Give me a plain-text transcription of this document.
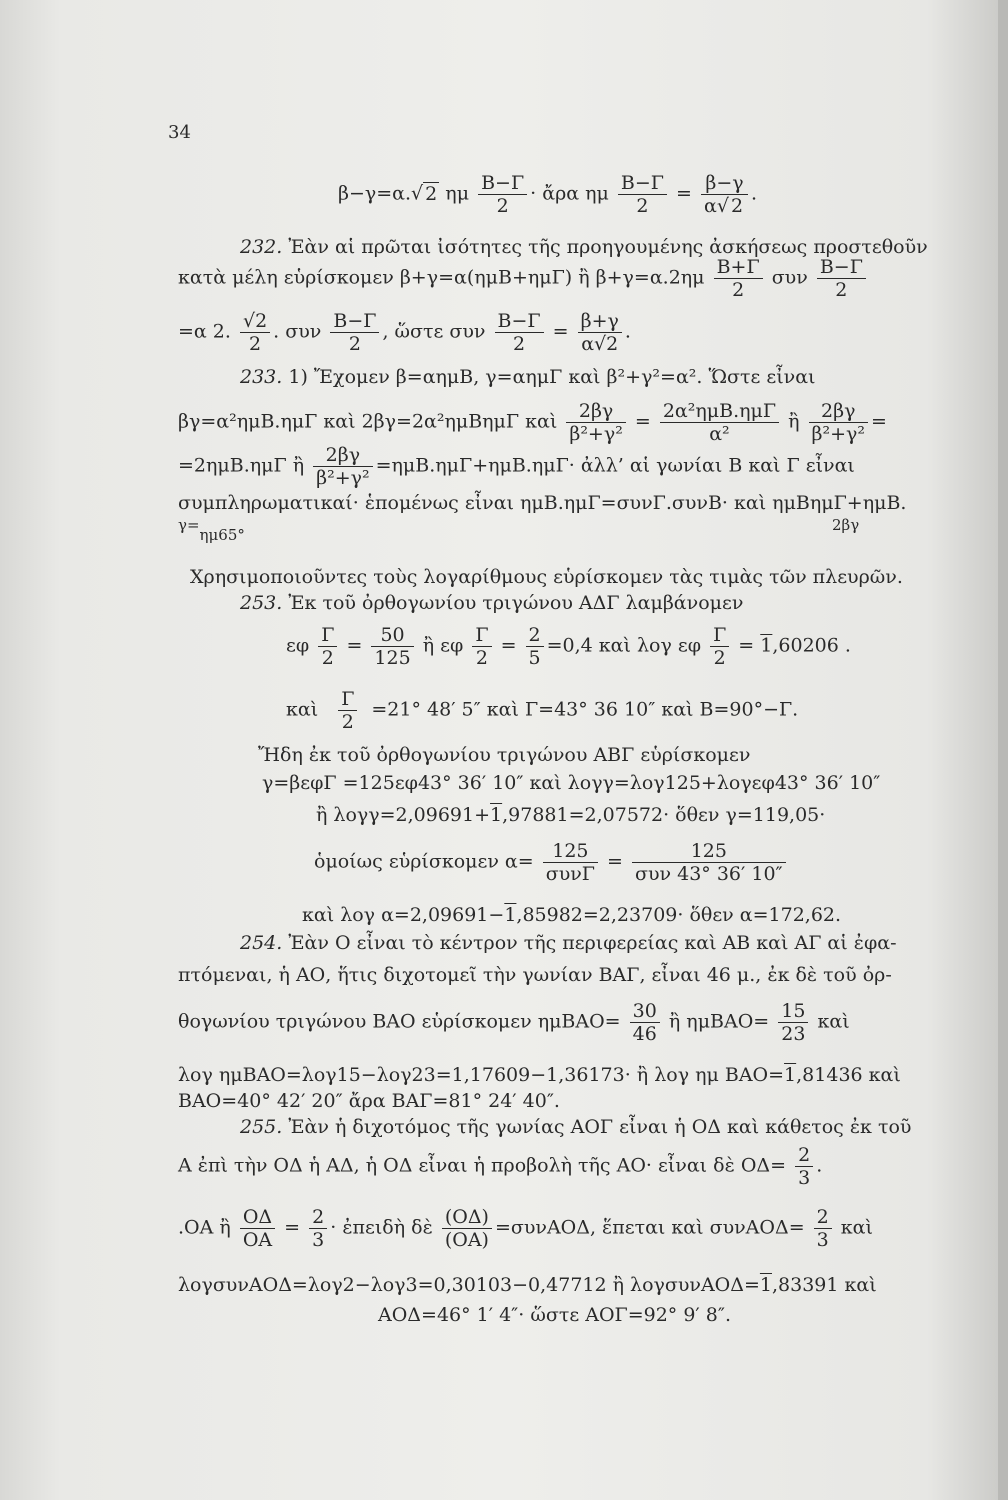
34
β−γ=α.√ 2 ημ $\frac{B-\Gamma}{2}$ · ἄρα ημ $\frac{B-\Gamma}{2} = \frac{\beta-\gamma}{\alpha√ 2}$ .
232. Ἐὰν αἱ πρῶται ἰσότητες τῆς προηγουμένης ἀσκήσεως προστεθοῦν
κατὰ μέλη εὑρίσκομεν β+γ=α(ημΒ+ημΓ) ἢ $\beta+\gamma=\alpha.2\eta\mu \frac{B+\Gamma}{2}$ συν $\frac{B-\Gamma}{2}$
=α 2. $\frac{√2}{2}$ . συν $\frac{B-\Gamma}{2}$ , ὥστε συν $\frac{B-\Gamma}{2} = \frac{\beta+\gamma}{\alpha√2}$ .
233. 1) Ἔχομεν β=αημΒ, γ=αημΓ καὶ β²+γ²=α². Ὥστε εἶναι
βγ=α²ημΒ.ημΓ καὶ 2βγ=2α²ημΒημΓ καὶ $\frac{2\beta\gamma}{\text{β²+γ²}} = 2\alpha^2\eta\mu B.\eta\mu\Gamma$
α²
ἢ $\frac{2\beta\gamma}{\text{β²+γ²}}$ =
=2ημΒ.ημΓ ἢ $\frac{2\beta\gamma}{\text{β²+γ²}} =\eta\mu B.\eta\mu\Gamma+\eta\mu B.\eta\mu\Gamma\cdot$ ἀλλ’ αἱ γωνίαι Β καὶ Γ εἶναι
συμπληρωματικαί· ἑπομένως εἶναι ημΒ.ημΓ=συνΓ.συνΒ· καὶ ημΒημΓ+ημΒ.
γ=ημ65°
2βγ
Χρησιμοποιοῦντες τοὺς λογαρίθμους εὑρίσκομεν τὰς τιμὰς τῶν πλευρῶν.
253. Ἐκ τοῦ ὀρθογωνίου τριγώνου ΑΔΓ λαμβάνομεν
εφ $\frac{\Gamma}{2} = \frac{50}{125}$ ἢ εφ $\frac{\Gamma}{2} = \frac{2}{5} =0,4$ καὶ λογ εφ $\frac{\Gamma}{2} = 1,60206$ .
καὶ $\frac{\Gamma}{2} =21^\circ$ 48′ 5″ καὶ Γ=43° 36 10″ καὶ Β=90°−Γ.
Ἤδη ἐκ τοῦ ὀρθογωνίου τριγώνου ΑΒΓ εὑρίσκομεν
γ=βεφΓ =125εφ43° 36′ 10″ καὶ λογγ=λογ125+λογεφ43° 36′ 10″
ἢ λογγ=2,09691+1,97881=2,07572· ὅθεν γ=119,05·
ὁμοίως εὑρίσκομεν α= 125
συνΓ
=	125
συν 43° 36′ 10″
καὶ λογ α=2,09691−1,85982=2,23709· ὅθεν α=172,62.
254. Ἐὰν Ο εἶναι τὸ κέντρον τῆς περιφερείας καὶ ΑΒ καὶ ΑΓ αἱ ἐφα-
πτόμεναι, ἡ ΑΟ, ἥτις διχοτομεῖ τὴν γωνίαν ΒΑΓ, εἶναι 46 μ., ἐκ δὲ τοῦ ὀρ-
θογωνίου τριγώνου ΒΑΟ εὑρίσκομεν $\eta\mu BAO= \frac{30}{46}$ ἢ $\eta\mu BAO= \frac{15}{23}$ καὶ
λογ ημΒΑΟ=λογ15−λογ23=1,17609−1,36173· ἢ λογ ημ ΒΑΟ=1,81436 καὶ
ΒΑΟ=40° 42′ 20″ ἄρα ΒΑΓ=81° 24′ 40″.
255. Ἐὰν ἡ διχοτόμος τῆς γωνίας ΑΟΓ εἶναι ἡ ΟΔ καὶ κάθετος ἐκ τοῦ
Α ἐπὶ τὴν ΟΔ ἡ ΑΔ, ἡ ΟΔ εἶναι ἡ προβολὴ τῆς ΑΟ· εἶναι δὲ $O\Delta= \frac{2}{3}$ .
.ΟΑ ἢ $\frac{O\Delta}{OA} = \frac{2}{3}$ · ἐπειδὴ δὲ $\frac{(O\Delta)}{(OA)} =\sigma\upsilon\nu AO\Delta$, ἕπεται καὶ $\sigma\upsilon\nu AO\Delta= \frac{2}{3}$ καὶ
λογσυνΑΟΔ=λογ2−λογ3=0,30103−0,47712 ἢ λογσυνΑΟΔ=1,83391 καὶ
ΑΟΔ=46° 1′ 4″· ὥστε ΑΟΓ=92° 9′ 8″.
